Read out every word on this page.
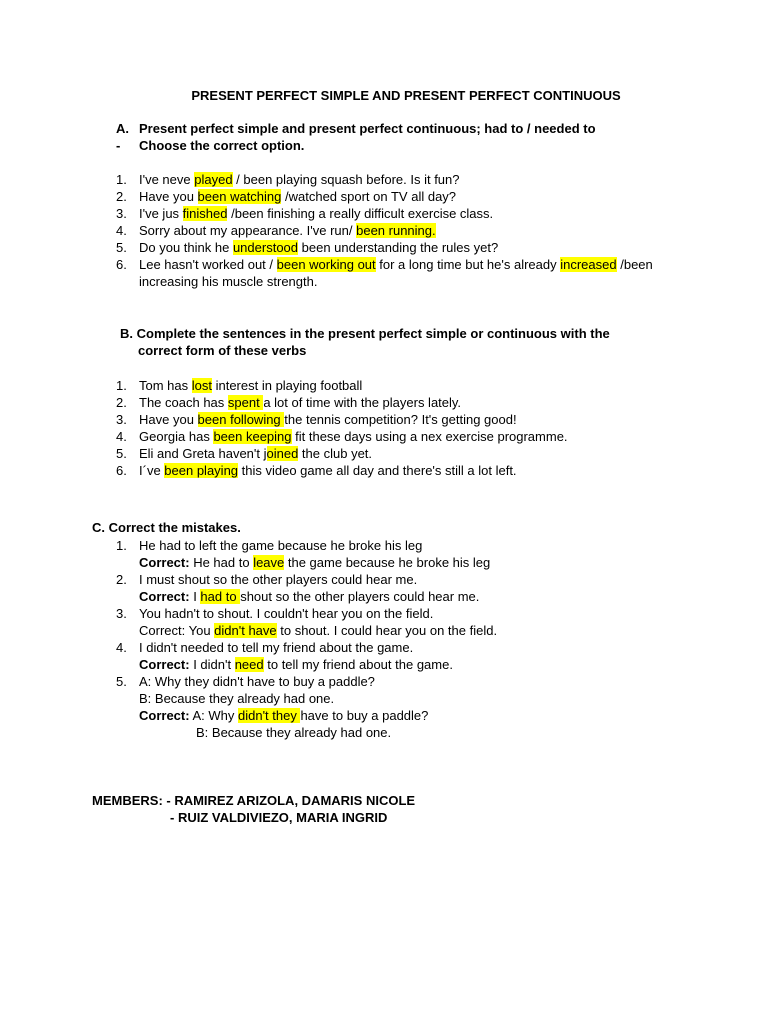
PRESENT PERFECT SIMPLE AND PRESENT PERFECT CONTINUOUS
A. Present perfect simple and present perfect continuous; had to / needed to
-	Choose the correct option.
1. I've neve played / been playing squash before. Is it fun?
2. Have you been watching /watched sport on TV all day?
3. I've jus finished /been finishing a really difficult exercise class.
4. Sorry about my appearance. I've run/ been running.
5. Do you think he understood been understanding the rules yet?
6. Lee hasn't worked out / been working out for a long time but he's already increased /been
increasing his muscle strength.
B. Complete the sentences in the present perfect simple or continuous with the
correct form of these verbs
1. Tom has lost interest in playing football
2. The coach has spent a lot of time with the players lately.
3. Have you been following the tennis competition? It's getting good!
4. Georgia has been keeping fit these days using a nex exercise programme.
5. Eli and Greta haven't joined the club yet.
6. I´ve been playing this video game all day and there's still a lot left.
C. Correct the mistakes.
1. He had to left the game because he broke his leg
Correct: He had to leave the game because he broke his leg
2. I must shout so the other players could hear me.
Correct: I had to shout so the other players could hear me.
3. You hadn't to shout. I couldn't hear you on the field.
Correct: You didn't have to shout. I could hear you on the field.
4. I didn't needed to tell my friend about the game.
Correct: I didn't need to tell my friend about the game.
5. A: Why they didn't have to buy a paddle?
B: Because they already had one.
Correct: A: Why didn't they have to buy a paddle?
B: Because they already had one.
MEMBERS: - RAMIREZ ARIZOLA, DAMARIS NICOLE
- RUIZ VALDIVIEZO, MARIA INGRID
